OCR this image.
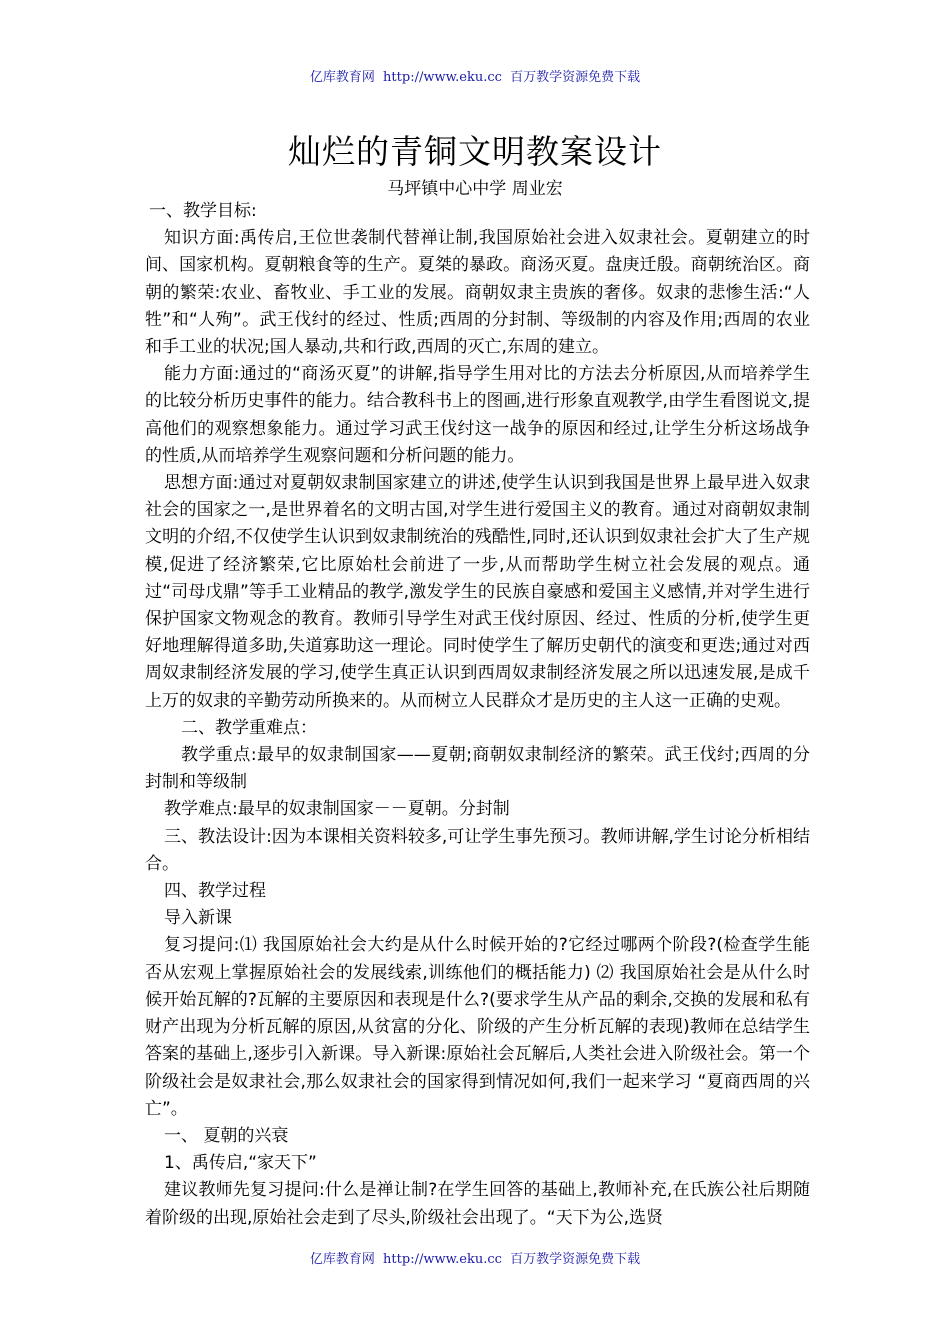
亿库教育网 http://www.eku.cc 百万教学资源免费下载
灿烂的青铜文明教案设计
马坪镇中心中学 周业宏

一、教学目标:

知识方面:禹传启,王位世袭制代替禅让制,我国原始社会进入奴隶社会。夏朝建立的时间、国家机构。夏朝粮食等的生产。夏桀的暴政。商汤灭夏。盘庚迁殷。商朝统治区。商朝的繁荣:农业、畜牧业、手工业的发展。商朝奴隶主贵族的奢侈。奴隶的悲惨生活:“人牲”和“人殉”。武王伐纣的经过、性质;西周的分封制、等级制的内容及作用;西周的农业和手工业的状况;国人暴动,共和行政,西周的灭亡,东周的建立。

能力方面:通过的“商汤灭夏”的讲解,指导学生用对比的方法去分析原因,从而培养学生的比较分析历史事件的能力。结合教科书上的图画,进行形象直观教学,由学生看图说文,提高他们的观察想象能力。通过学习武王伐纣这一战争的原因和经过,让学生分析这场战争的性质,从而培养学生观察问题和分析问题的能力。

思想方面:通过对夏朝奴隶制国家建立的讲述,使学生认识到我国是世界上最早进入奴隶社会的国家之一,是世界着名的文明古国,对学生进行爱国主义的教育。通过对商朝奴隶制文明的介绍,不仅使学生认识到奴隶制统治的残酷性,同时,还认识到奴隶社会扩大了生产规模,促进了经济繁荣,它比原始杜会前进了一步,从而帮助学生树立社会发展的观点。通过“司母戊鼎”等手工业精品的教学,激发学生的民族自豪感和爱国主义感情,并对学生进行保护国家文物观念的教育。教师引导学生对武王伐纣原因、经过、性质的分析,使学生更好地理解得道多助,失道寡助这一理论。同时使学生了解历史朝代的演变和更迭;通过对西周奴隶制经济发展的学习,使学生真正认识到西周奴隶制经济发展之所以迅速发展,是成千上万的奴隶的辛勤劳动所换来的。从而树立人民群众才是历史的主人这一正确的史观。

二、教学重难点：

教学重点:最早的奴隶制国家——夏朝;商朝奴隶制经济的繁荣。武王伐纣;西周的分封制和等级制

教学难点:最早的奴隶制国家－－夏朝。分封制

三、教法设计:因为本课相关资料较多,可让学生事先预习。教师讲解,学生讨论分析相结合。

四、教学过程

导入新课

复习提问:⑴ 我国原始社会大约是从什么时候开始的?它经过哪两个阶段?(检查学生能否从宏观上掌握原始社会的发展线索,训练他们的概括能力) ⑵ 我国原始社会是从什么时候开始瓦解的?瓦解的主要原因和表现是什么?(要求学生从产品的剩余,交换的发展和私有财产出现为分析瓦解的原因,从贫富的分化、阶级的产生分析瓦解的表现)教师在总结学生答案的基础上,逐步引入新课。导入新课:原始社会瓦解后,人类社会进入阶级社会。第一个阶级社会是奴隶社会,那么奴隶社会的国家得到情况如何,我们一起来学习 “夏商西周的兴亡”。

一、 夏朝的兴衰

1、禹传启,“家天下”

建议教师先复习提问:什么是禅让制?在学生回答的基础上,教师补充,在氏族公社后期随着阶级的出现,原始社会走到了尽头,阶级社会出现了。“天下为公,选贤

亿库教育网 http://www.eku.cc 百万教学资源免费下载
